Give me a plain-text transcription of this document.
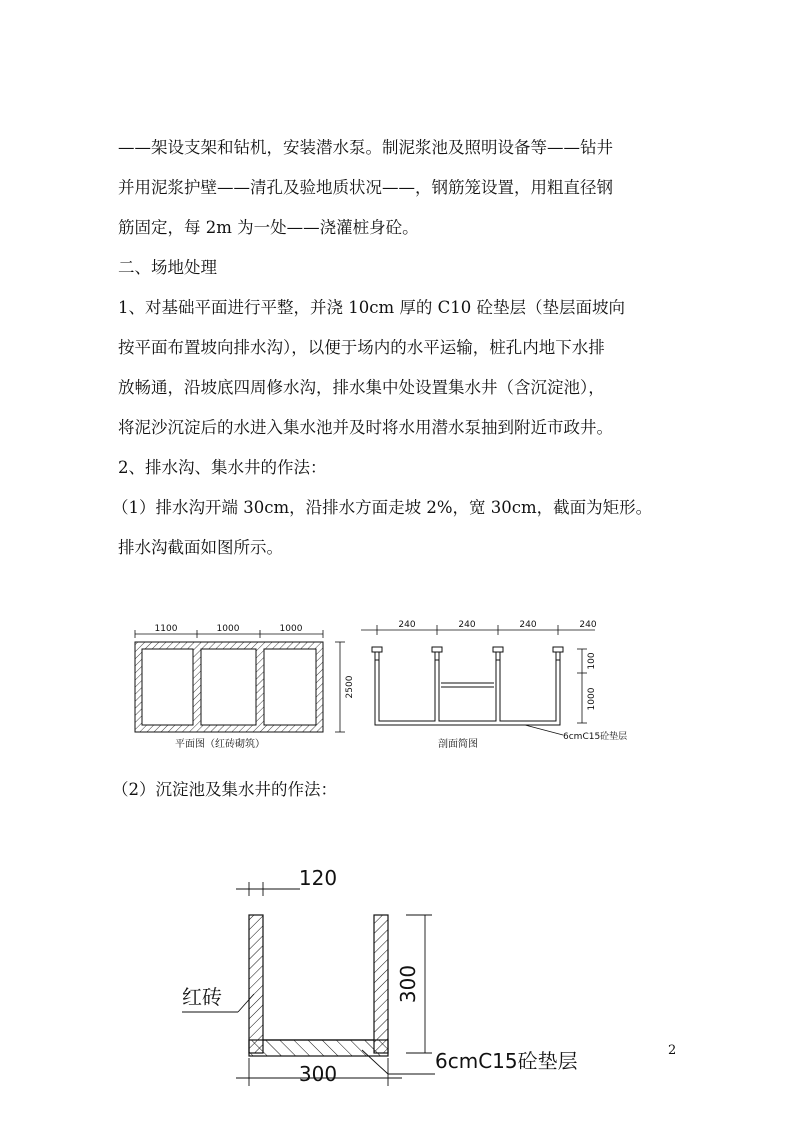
——架设支架和钻机，安装潜水泵。制泥浆池及照明设备等——钻井
并用泥浆护壁——清孔及验地质状况——，钢筋笼设置，用粗直径钢
筋固定，每 2m 为一处——浇灌桩身砼。
二、场地处理
1、对基础平面进行平整，并浇 10cm 厚的 C10 砼垫层（垫层面坡向
按平面布置坡向排水沟），以便于场内的水平运输，桩孔内地下水排
放畅通，沿坡底四周修水沟，排水集中处设置集水井（含沉淀池），
将泥沙沉淀后的水进入集水池并及时将水用潜水泵抽到附近市政井。
2、排水沟、集水井的作法：
（1）排水沟开端 30cm，沿排水方面走坡 2%，宽 30cm，截面为矩形。
排水沟截面如图所示。
1100	1000	1000
2500
平面图（红砖砌筑）
240	240	240	240
100
1000
6cmC15砼垫层
剖面简图
（2）沉淀池及集水井的作法：
120
300
300
红砖
6cmC15砼垫层	2
